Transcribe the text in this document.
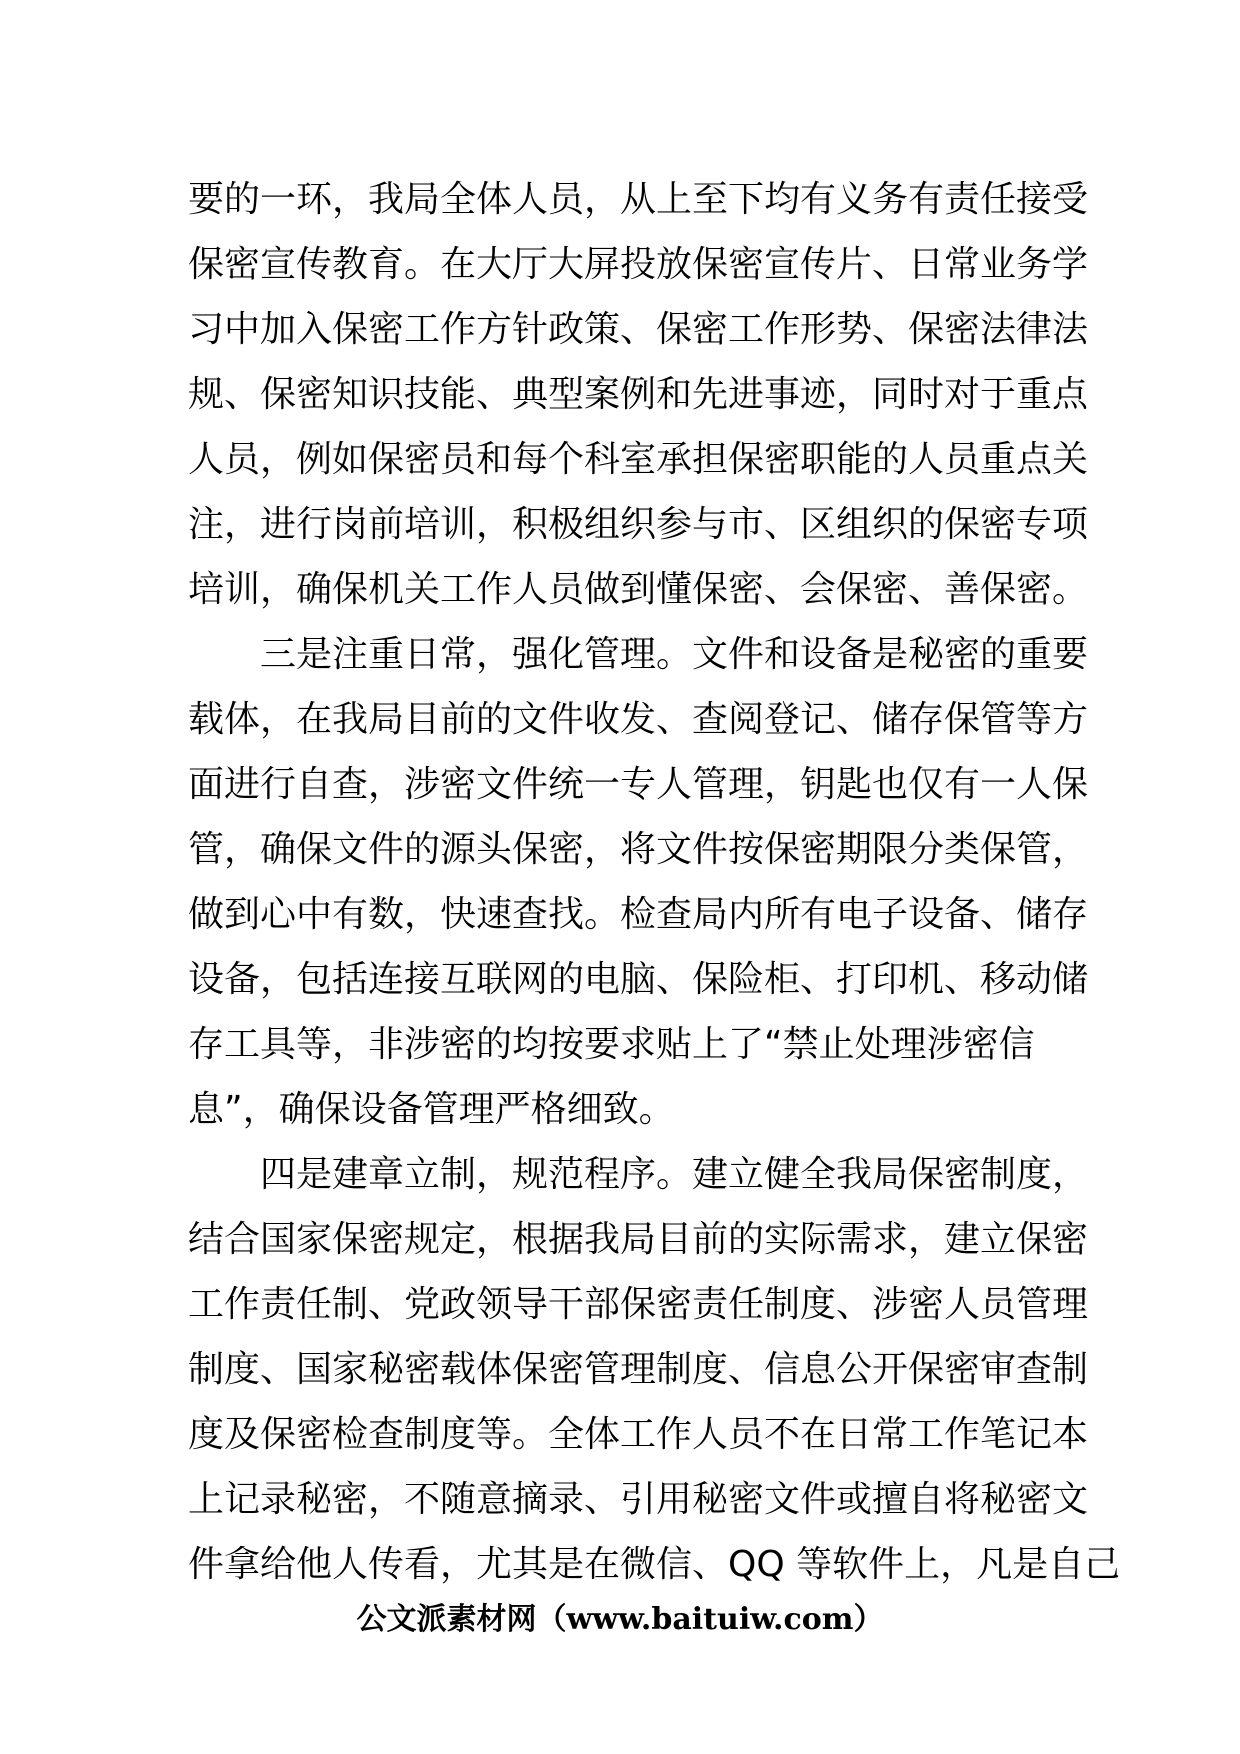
要的一环，我局全体人员，从上至下均有义务有责任接受
保密宣传教育。在大厅大屏投放保密宣传片、日常业务学
习中加入保密工作方针政策、保密工作形势、保密法律法
规、保密知识技能、典型案例和先进事迹，同时对于重点
人员，例如保密员和每个科室承担保密职能的人员重点关
注，进行岗前培训，积极组织参与市、区组织的保密专项
培训，确保机关工作人员做到懂保密、会保密、善保密。
　　三是注重日常，强化管理。文件和设备是秘密的重要
载体，在我局目前的文件收发、查阅登记、储存保管等方
面进行自查，涉密文件统一专人管理，钥匙也仅有一人保
管，确保文件的源头保密，将文件按保密期限分类保管，
做到心中有数，快速查找。检查局内所有电子设备、储存
设备，包括连接互联网的电脑、保险柜、打印机、移动储
存工具等，非涉密的均按要求贴上了“禁止处理涉密信
息”，确保设备管理严格细致。
　　四是建章立制，规范程序。建立健全我局保密制度，
结合国家保密规定，根据我局目前的实际需求，建立保密
工作责任制、党政领导干部保密责任制度、涉密人员管理
制度、国家秘密载体保密管理制度、信息公开保密审查制
度及保密检查制度等。全体工作人员不在日常工作笔记本
上记录秘密，不随意摘录、引用秘密文件或擅自将秘密文
件拿给他人传看，尤其是在微信、QQ 等软件上，凡是自己
公文派素材网（www.baituiw.com）
